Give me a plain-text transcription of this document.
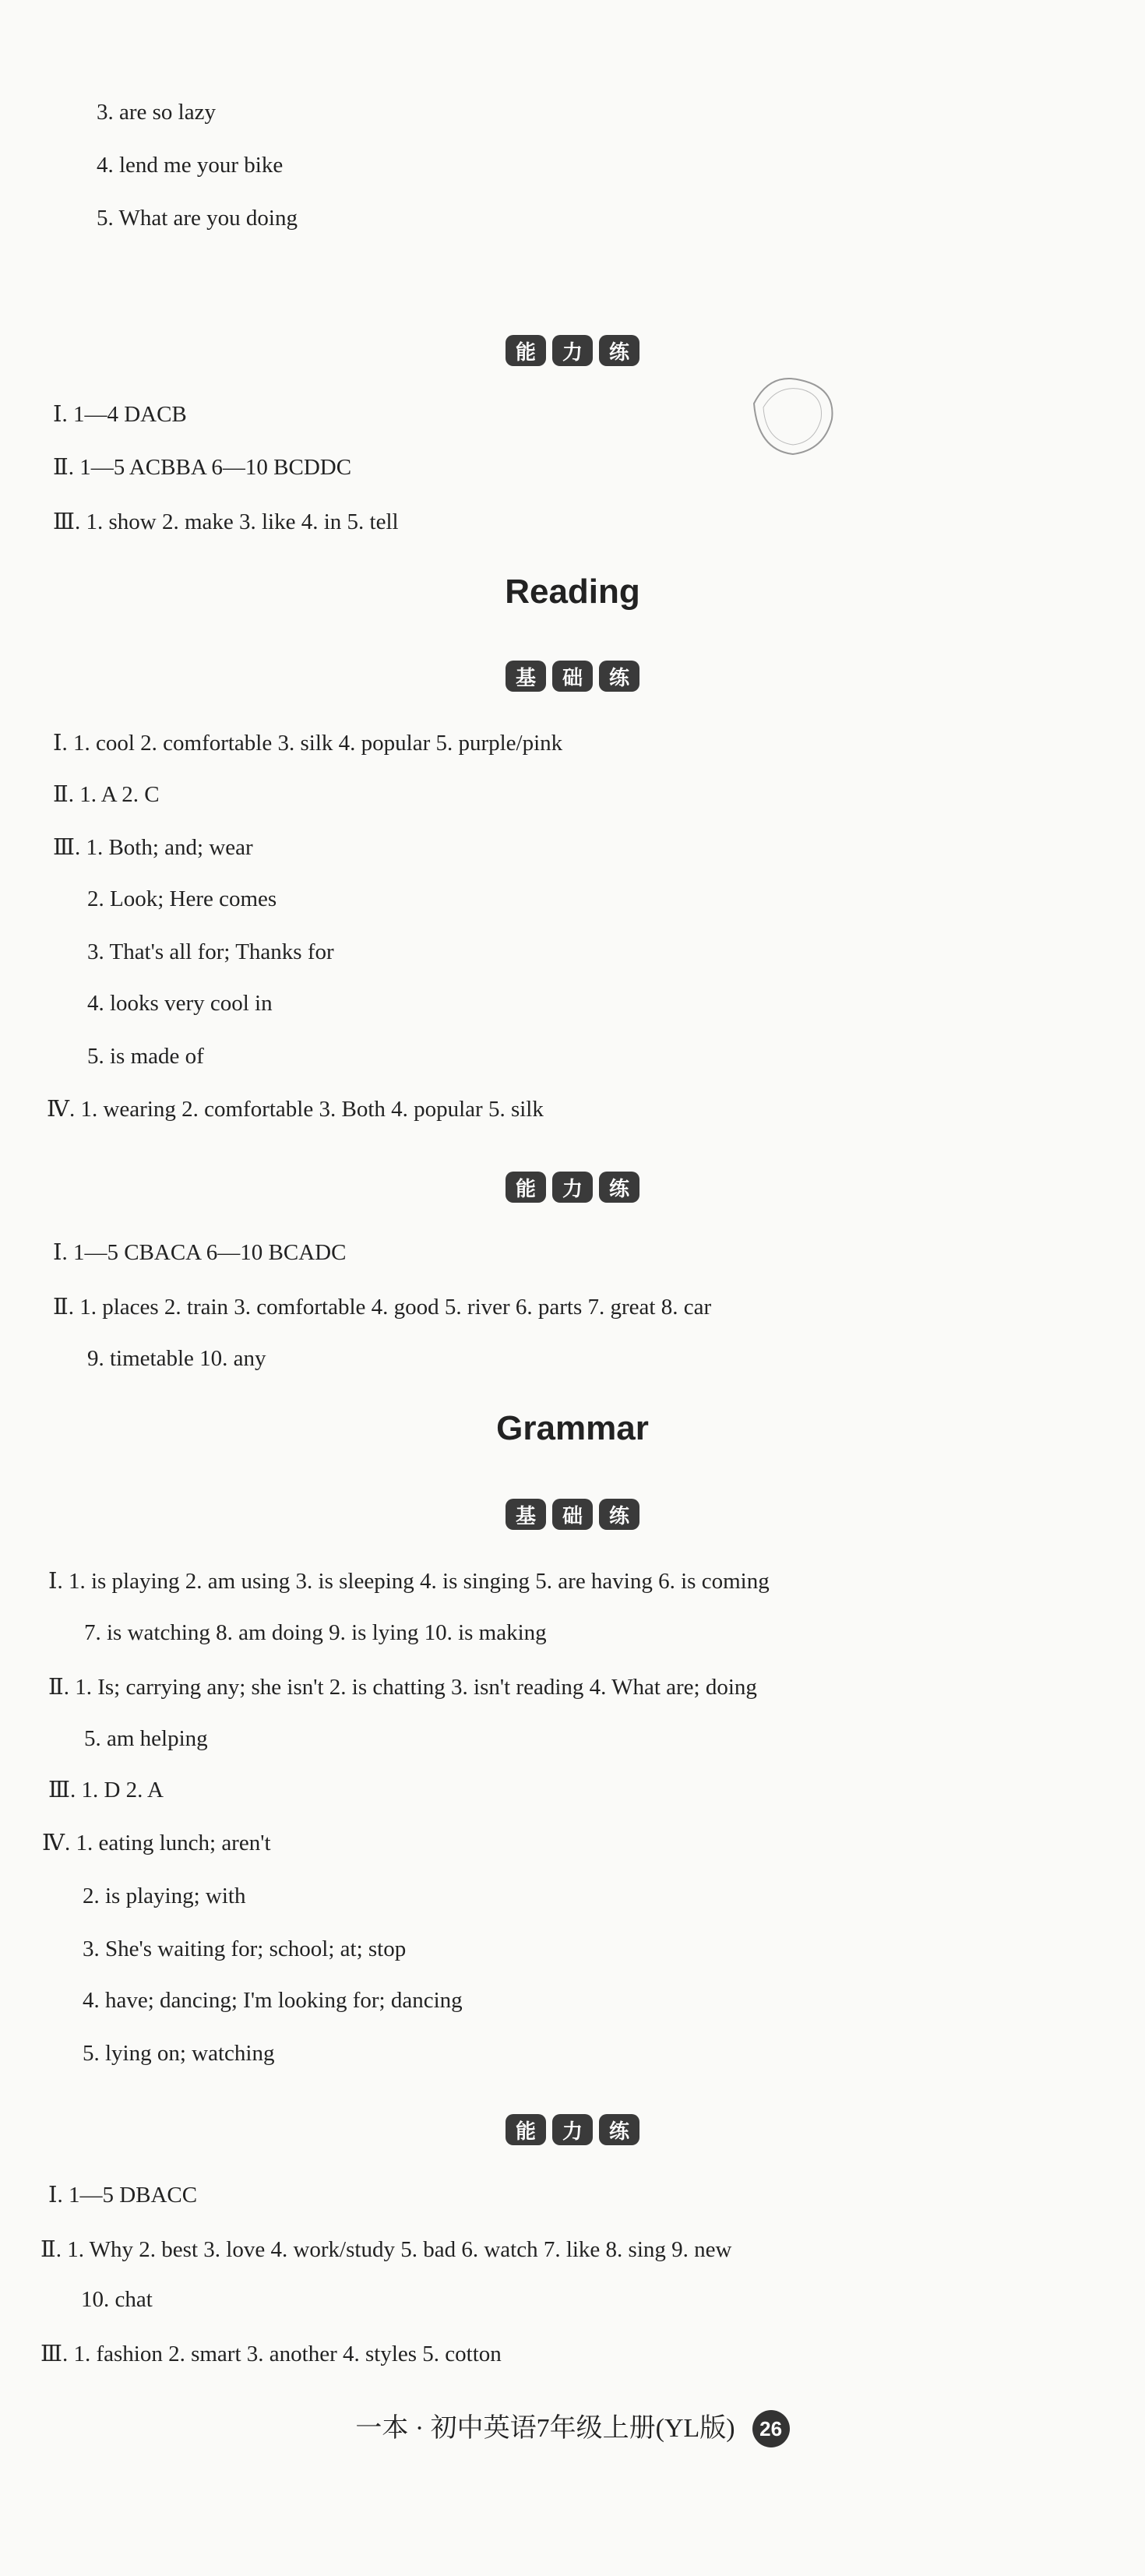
3. are so lazy
4. lend me your bike
5. What are you doing
能	力	练
Ⅰ. 1—4 DACB
Ⅱ. 1—5 ACBBA 6—10 BCDDC
Ⅲ. 1. show 2. make 3. like 4. in 5. tell
Reading
基	础	练
Ⅰ. 1. cool 2. comfortable 3. silk 4. popular 5. purple/pink
Ⅱ. 1. A 2. C
Ⅲ. 1. Both; and; wear
2. Look; Here comes
3. That's all for; Thanks for
4. looks very cool in
5. is made of
Ⅳ. 1. wearing 2. comfortable 3. Both 4. popular 5. silk
能	力	练
Ⅰ. 1—5 CBACA 6—10 BCADC
Ⅱ. 1. places 2. train 3. comfortable 4. good 5. river 6. parts 7. great 8. car
9. timetable 10. any
Grammar
基	础	练
Ⅰ. 1. is playing 2. am using 3. is sleeping 4. is singing 5. are having 6. is coming
7. is watching 8. am doing 9. is lying 10. is making
Ⅱ. 1. Is; carrying any; she isn't 2. is chatting 3. isn't reading 4. What are; doing
5. am helping
Ⅲ. 1. D 2. A
Ⅳ. 1. eating lunch; aren't
2. is playing; with
3. She's waiting for; school; at; stop
4. have; dancing; I'm looking for; dancing
5. lying on; watching
能	力	练
Ⅰ. 1—5 DBACC
Ⅱ. 1. Why 2. best 3. love 4. work/study 5. bad 6. watch 7. like 8. sing 9. new
10. chat
Ⅲ. 1. fashion 2. smart 3. another 4. styles 5. cotton
一本 · 初中英语7年级上册(YL版)	26
